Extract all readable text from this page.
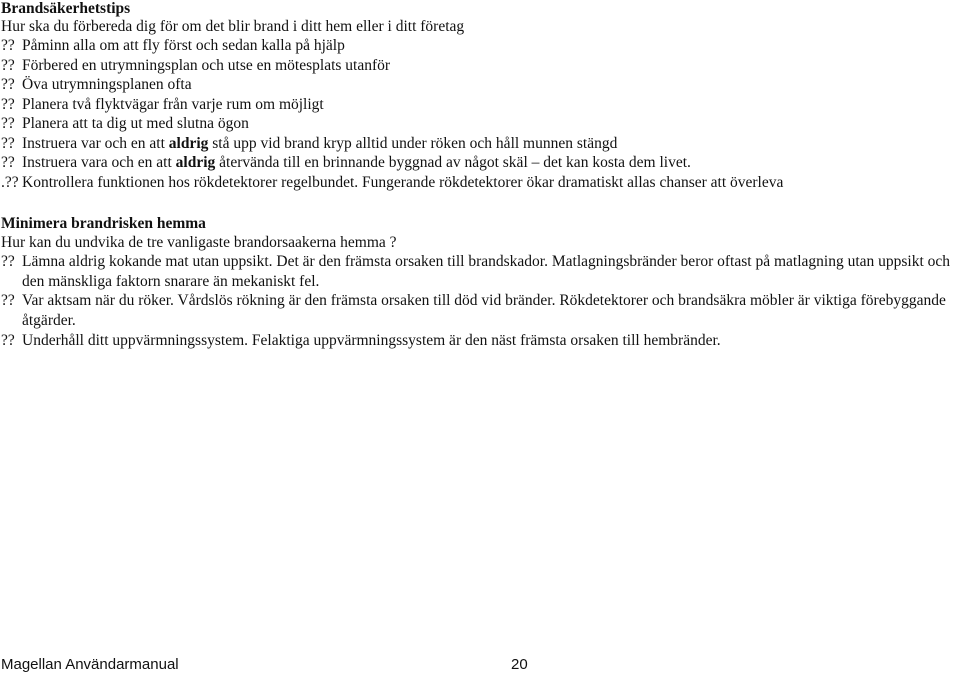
Brandsäkerhetstips

Hur ska du förbereda dig för om det blir brand i ditt hem eller i ditt företag

?? Påminn alla om att fly först och sedan kalla på hjälp
?? Förbered en utrymningsplan och utse en mötesplats utanför
?? Öva utrymningsplanen ofta
?? Planera två flyktvägar från varje rum om möjligt
?? Planera att ta dig ut med slutna ögon
?? Instruera var och en att aldrig stå upp vid brand kryp alltid under röken och håll munnen stängd
?? Instruera vara och en att aldrig återvända till en brinnande byggnad av något skäl – det kan kosta dem livet.
.?? Kontrollera funktionen hos rökdetektorer regelbundet. Fungerande rökdetektorer ökar dramatiskt allas chanser att överleva
Minimera brandrisken hemma

Hur kan du undvika de tre vanligaste brandorsaakerna hemma ?

?? Lämna aldrig kokande mat utan uppsikt. Det är den främsta orsaken till brandskador. Matlagningsbränder beror oftast på matlagning utan uppsikt och den mänskliga faktorn snarare än mekaniskt fel.
?? Var aktsam när du röker. Vårdslös rökning är den främsta orsaken till död vid bränder. Rökdetektorer och brandsäkra möbler är viktiga förebyggande åtgärder.
?? Underhåll ditt uppvärmningssystem. Felaktiga uppvärmningssystem är den näst främsta orsaken till hembränder.
Magellan Användarmanual	20
